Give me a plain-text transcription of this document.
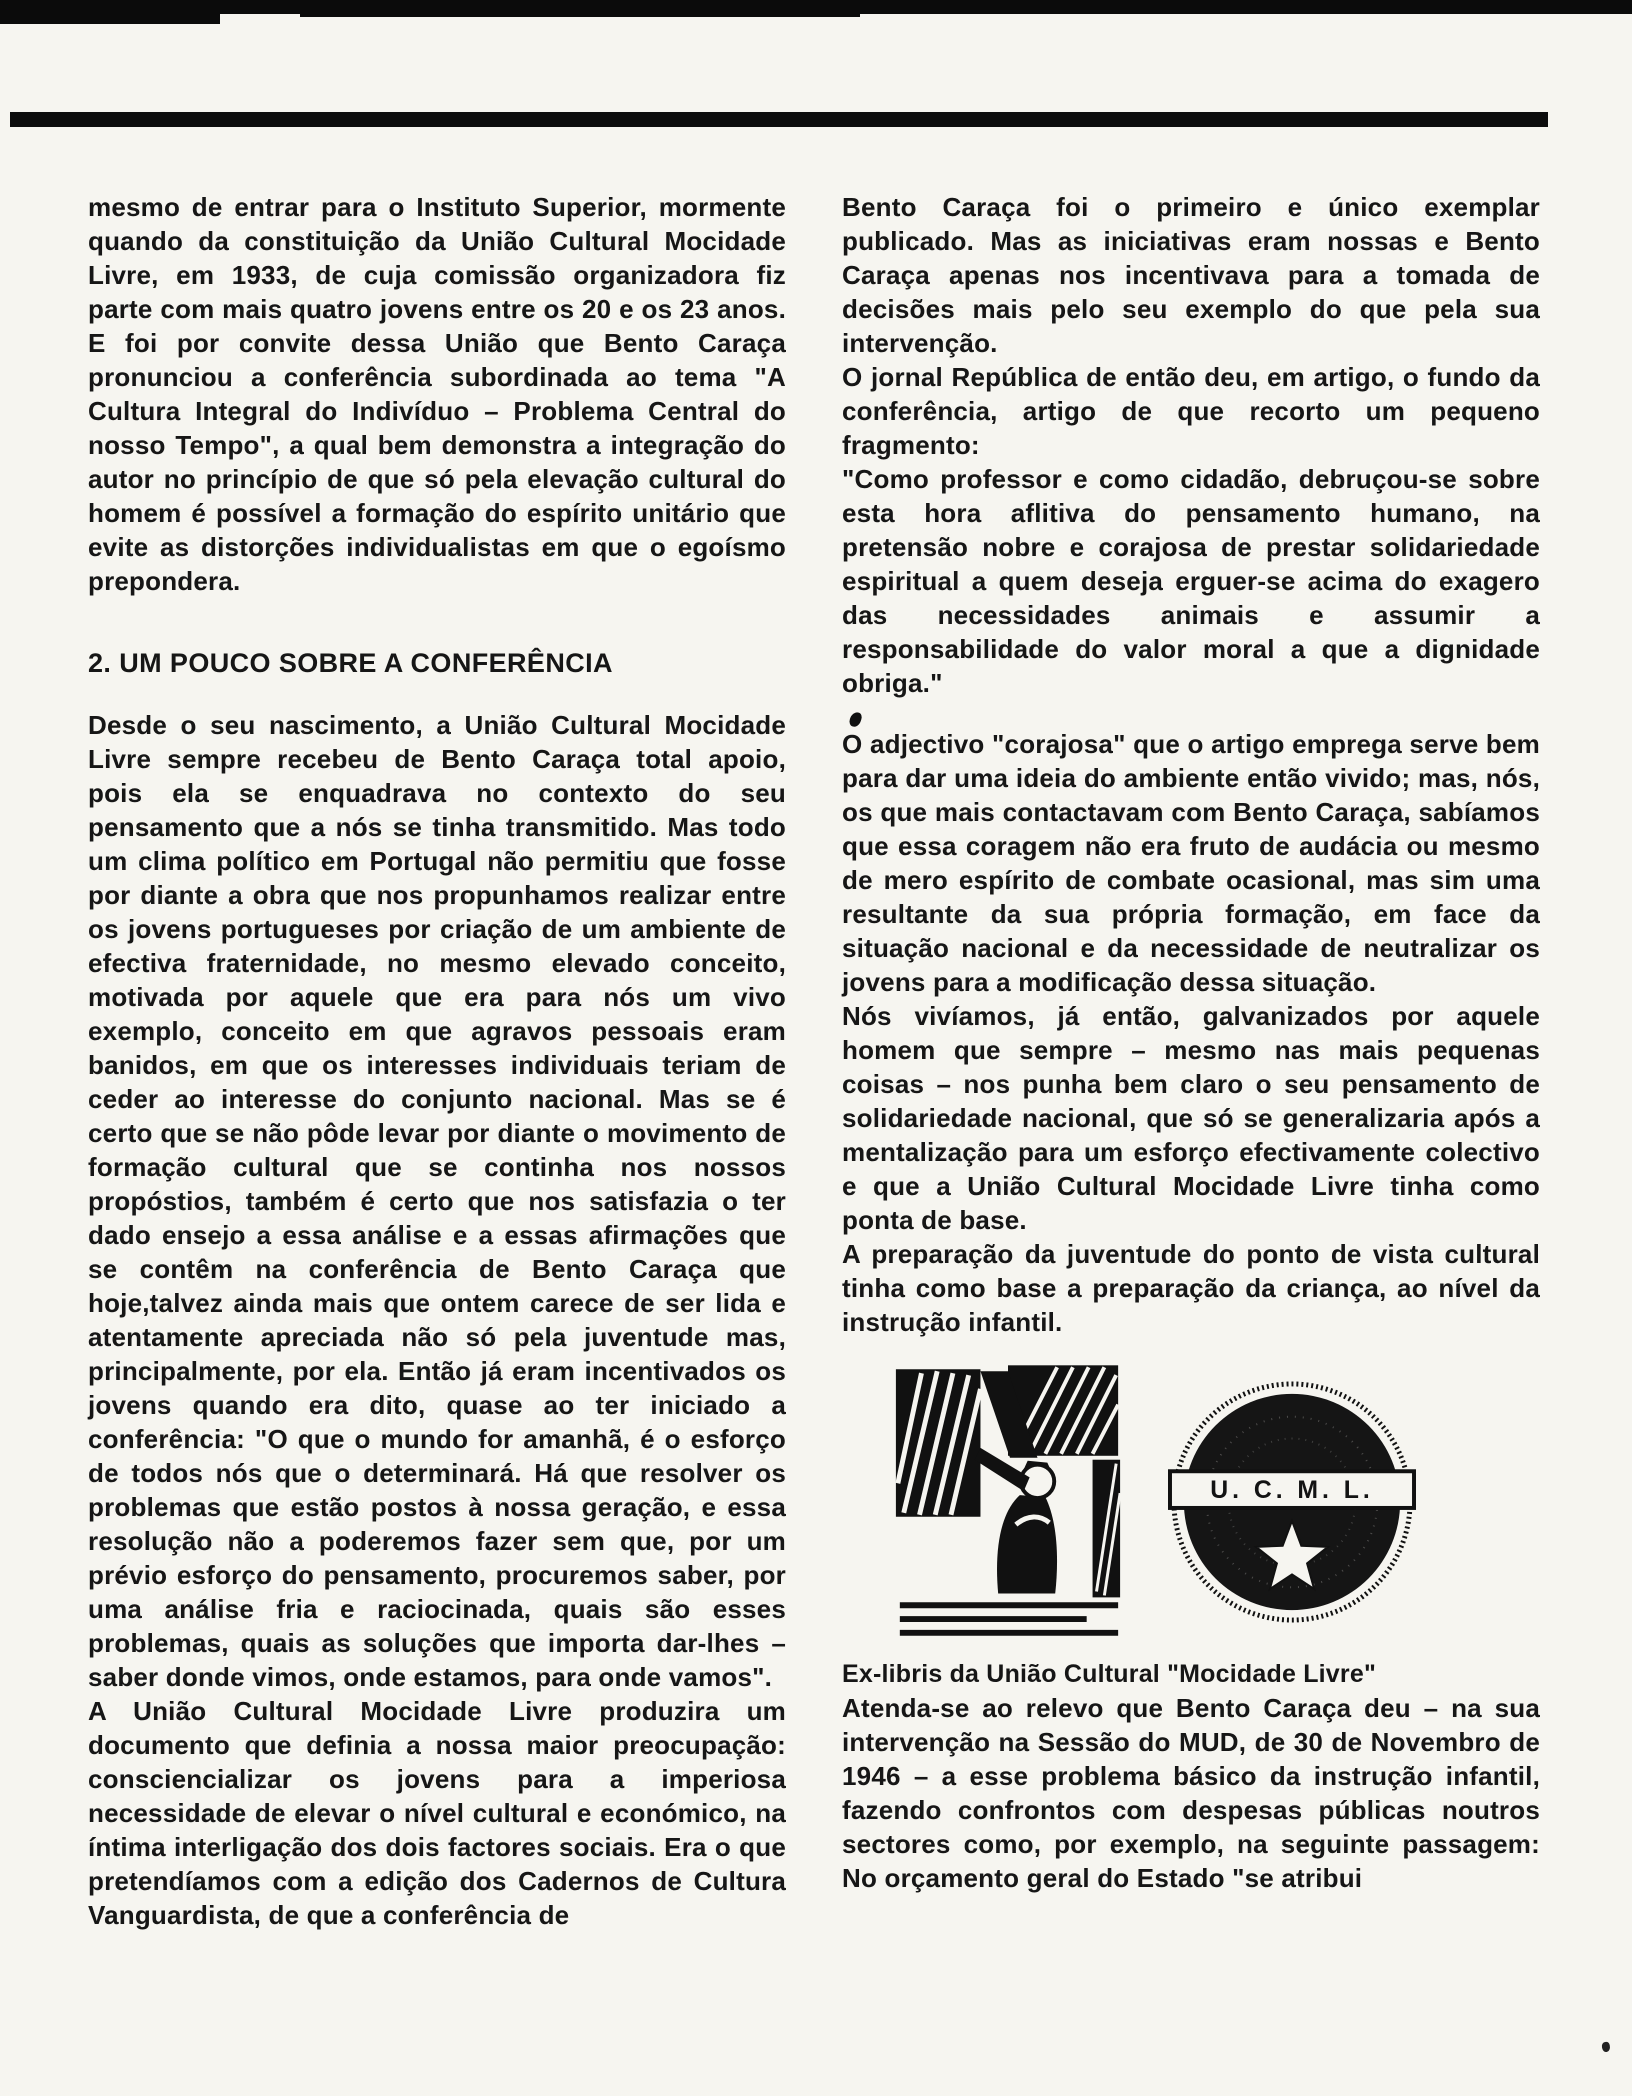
mesmo de entrar para o Instituto Superior, mormente quando da constituição da União Cultural Mocidade Livre, em 1933, de cuja comissão organizadora fiz parte com mais quatro jovens entre os 20 e os 23 anos. E foi por convite dessa União que Bento Caraça pronunciou a conferência subordinada ao tema "A Cultura Integral do Indivíduo – Problema Central do nosso Tempo", a qual bem demonstra a integração do autor no princípio de que só pela elevação cultural do homem é possível a formação do espírito unitário que evite as distorções individualistas em que o egoísmo prepondera.

2. UM POUCO SOBRE A CONFERÊNCIA

Desde o seu nascimento, a União Cultural Mocidade Livre sempre recebeu de Bento Caraça total apoio, pois ela se enquadrava no contexto do seu pensamento que a nós se tinha transmitido. Mas todo um clima político em Portugal não permitiu que fosse por diante a obra que nos propunhamos realizar entre os jovens portugueses por criação de um ambiente de efectiva fraternidade, no mesmo elevado conceito, motivada por aquele que era para nós um vivo exemplo, conceito em que agravos pessoais eram banidos, em que os interesses individuais teriam de ceder ao interesse do conjunto nacional. Mas se é certo que se não pôde levar por diante o movimento de formação cultural que se continha nos nossos propóstios, também é certo que nos satisfazia o ter dado ensejo a essa análise e a essas afirmações que se contêm na conferência de Bento Caraça que hoje,talvez ainda mais que ontem carece de ser lida e atentamente apreciada não só pela juventude mas, principalmente, por ela. Então já eram incentivados os jovens quando era dito, quase ao ter iniciado a conferência: "O que o mundo for amanhã, é o esforço de todos nós que o determinará. Há que resolver os problemas que estão postos à nossa geração, e essa resolução não a poderemos fazer sem que, por um prévio esforço do pensamento, procuremos saber, por uma análise fria e raciocinada, quais são esses problemas, quais as soluções que importa dar-lhes – saber donde vimos, onde estamos, para onde vamos".

A União Cultural Mocidade Livre produzira um documento que definia a nossa maior preocupação: consciencializar os jovens para a imperiosa necessidade de elevar o nível cultural e económico, na íntima interligação dos dois factores sociais. Era o que pretendíamos com a edição dos Cadernos de Cultura Vanguardista, de que a conferência de

Bento Caraça foi o primeiro e único exemplar publicado. Mas as iniciativas eram nossas e Bento Caraça apenas nos incentivava para a tomada de decisões mais pelo seu exemplo do que pela sua intervenção.

O jornal República de então deu, em artigo, o fundo da conferência, artigo de que recorto um pequeno fragmento:

"Como professor e como cidadão, debruçou-se sobre esta hora aflitiva do pensamento humano, na pretensão nobre e corajosa de prestar solidariedade espiritual a quem deseja erguer-se acima do exagero das necessidades animais e assumir a responsabilidade do valor moral a que a dignidade obriga."

O adjectivo "corajosa" que o artigo emprega serve bem para dar uma ideia do ambiente então vivido; mas, nós, os que mais contactavam com Bento Caraça, sabíamos que essa coragem não era fruto de audácia ou mesmo de mero espírito de combate ocasional, mas sim uma resultante da sua própria formação, em face da situação nacional e da necessidade de neutralizar os jovens para a modificação dessa situação.

Nós vivíamos, já então, galvanizados por aquele homem que sempre – mesmo nas mais pequenas coisas – nos punha bem claro o seu pensamento de solidariedade nacional, que só se generalizaria após a mentalização para um esforço efectivamente colectivo e que a União Cultural Mocidade Livre tinha como ponta de base.

A preparação da juventude do ponto de vista cultural tinha como base a preparação da criança, ao nível da instrução infantil.

U. C. M. L.
Ex-libris da União Cultural "Mocidade Livre"

Atenda-se ao relevo que Bento Caraça deu – na sua intervenção na Sessão do MUD, de 30 de Novembro de 1946 – a esse problema básico da instrução infantil, fazendo confrontos com despesas públicas noutros sectores como, por exemplo, na seguinte passagem: No orçamento geral do Estado "se atribui
